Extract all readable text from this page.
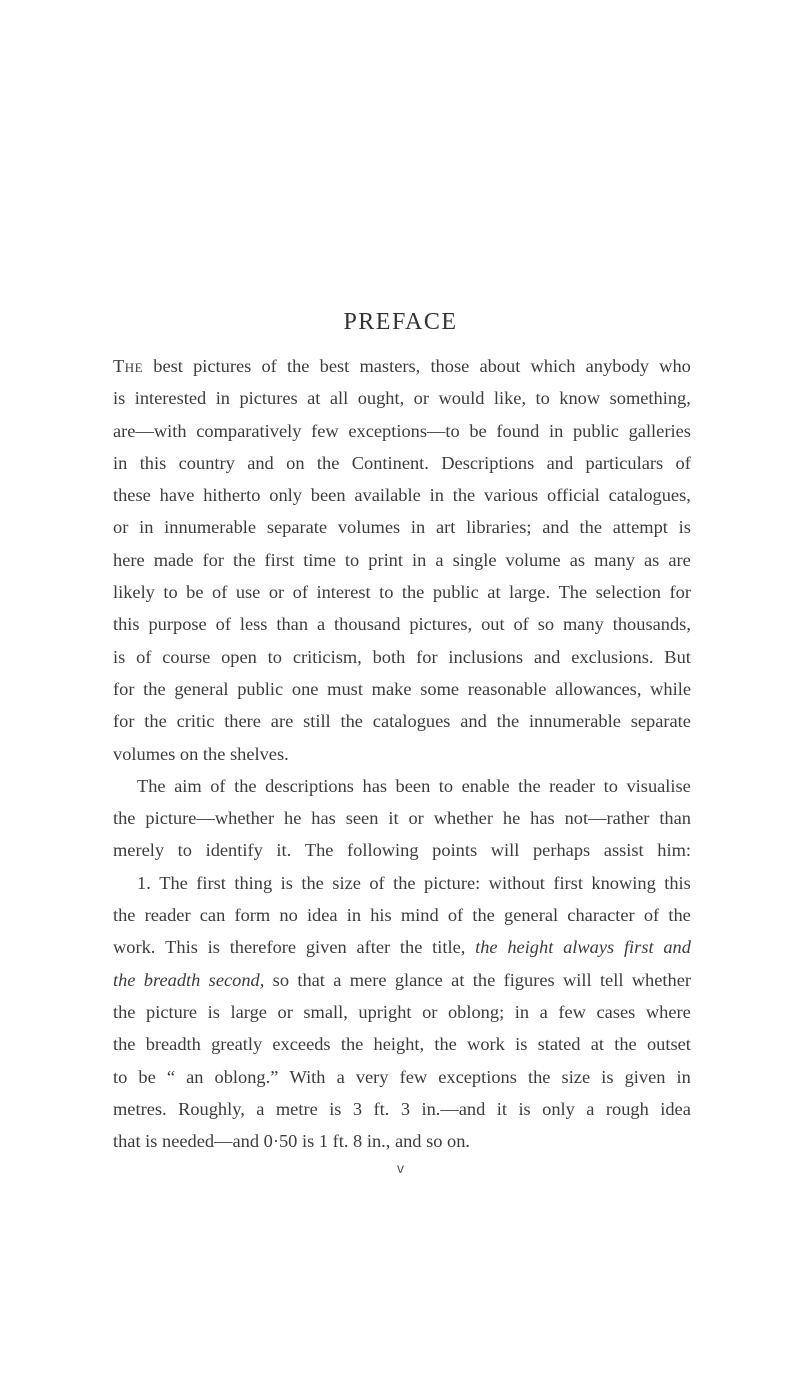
PREFACE
The best pictures of the best masters, those about which anybody who
is interested in pictures at all ought, or would like, to know something,
are—with comparatively few exceptions—to be found in public galleries
in this country and on the Continent. Descriptions and particulars of
these have hitherto only been available in the various official catalogues,
or in innumerable separate volumes in art libraries; and the attempt is
here made for the first time to print in a single volume as many as are
likely to be of use or of interest to the public at large. The selection for
this purpose of less than a thousand pictures, out of so many thousands,
is of course open to criticism, both for inclusions and exclusions. But
for the general public one must make some reasonable allowances, while
for the critic there are still the catalogues and the innumerable separate
volumes on the shelves.
The aim of the descriptions has been to enable the reader to visualise
the picture—whether he has seen it or whether he has not—rather than
merely to identify it. The following points will perhaps assist him:
1. The first thing is the size of the picture: without first knowing this
the reader can form no idea in his mind of the general character of the
work. This is therefore given after the title, the height always first and
the breadth second, so that a mere glance at the figures will tell whether
the picture is large or small, upright or oblong; in a few cases where
the breadth greatly exceeds the height, the work is stated at the outset
to be “ an oblong.” With a very few exceptions the size is given in
metres. Roughly, a metre is 3 ft. 3 in.—and it is only a rough idea
that is needed—and 0·50 is 1 ft. 8 in., and so on.
v
